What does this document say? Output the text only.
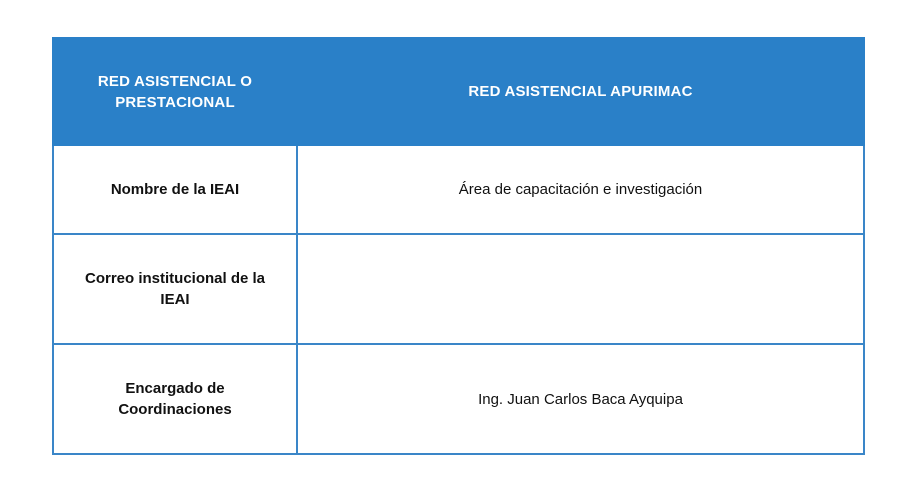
RED ASISTENCIAL O PRESTACIONAL	RED ASISTENCIAL APURIMAC
Nombre de la IEAI	Área de capacitación e investigación
Correo institucional de la IEAI	
Encargado de Coordinaciones	Ing. Juan Carlos Baca Ayquipa
